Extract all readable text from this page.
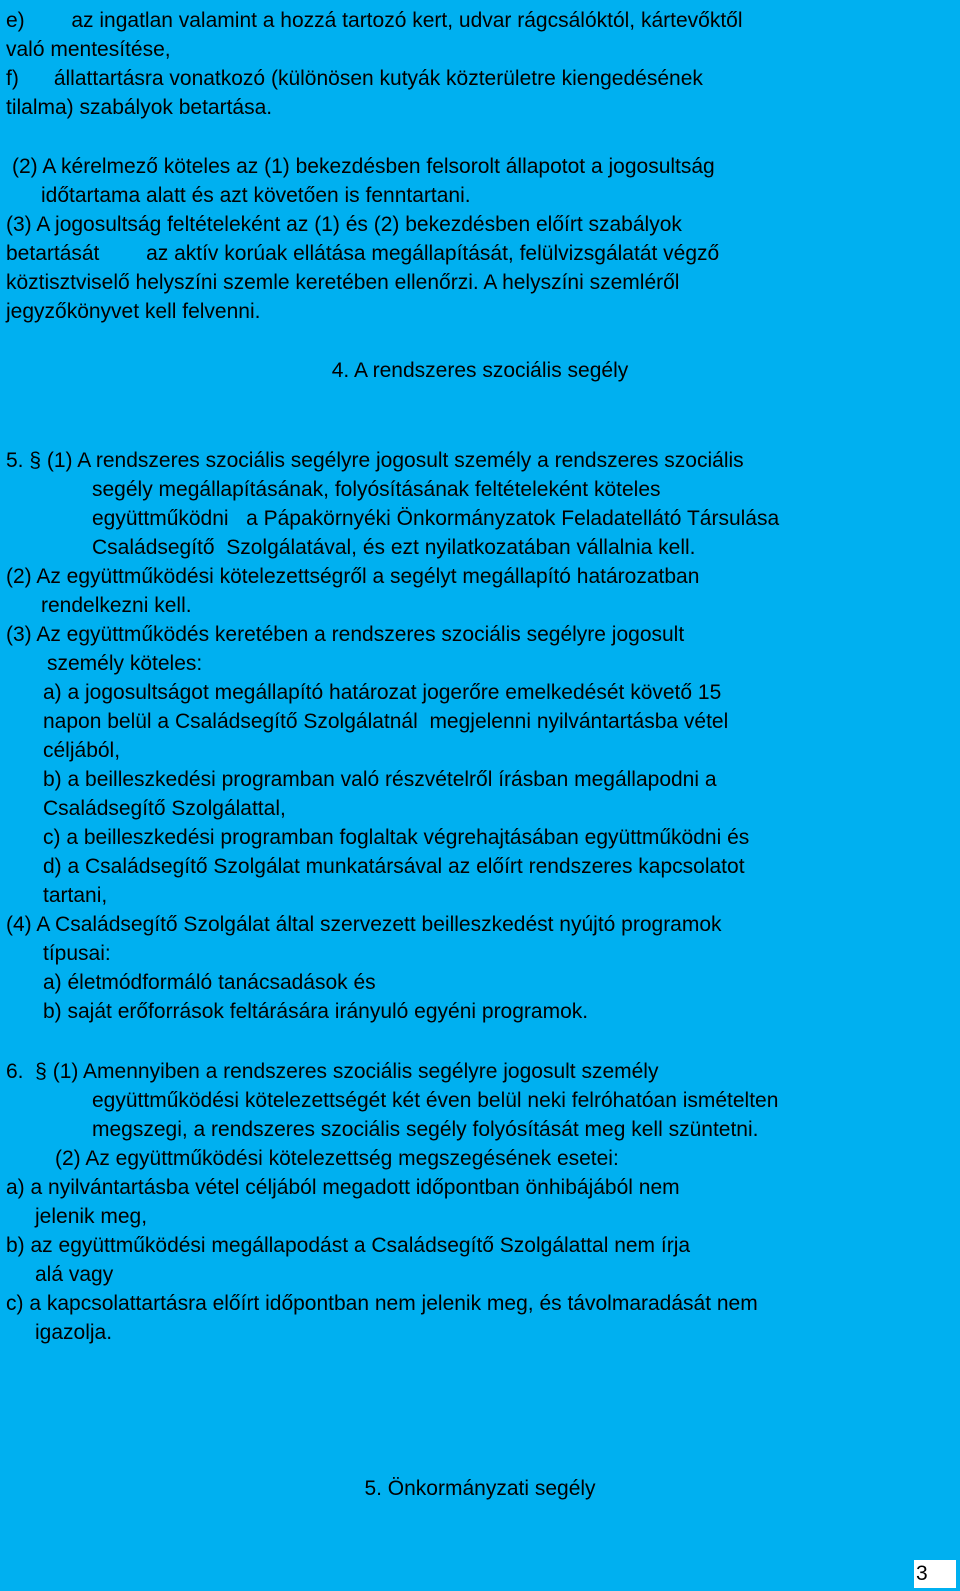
e)        az ingatlan valamint a hozzá tartozó kert, udvar rágcsálóktól, kártevőktől
való mentesítése,
f)      állattartásra vonatkozó (különösen kutyák közterületre kiengedésének
tilalma) szabályok betartása.
(2) A kérelmező köteles az (1) bekezdésben felsorolt állapotot a jogosultság
időtartama alatt és azt követően is fenntartani.
(3) A jogosultság feltételeként az (1) és (2) bekezdésben előírt szabályok
betartását        az aktív korúak ellátása megállapítását, felülvizsgálatát végző
köztisztviselő helyszíni szemle keretében ellenőrzi. A helyszíni szemléről
jegyzőkönyvet kell felvenni.
4. A rendszeres szociális segély
5. § (1) A rendszeres szociális segélyre jogosult személy a rendszeres szociális
segély megállapításának, folyósításának feltételeként köteles
együttműködni   a Pápakörnyéki Önkormányzatok Feladatellátó Társulása
Családsegítő  Szolgálatával, és ezt nyilatkozatában vállalnia kell.
(2) Az együttműködési kötelezettségről a segélyt megállapító határozatban
rendelkezni kell.
(3) Az együttműködés keretében a rendszeres szociális segélyre jogosult
személy köteles:
a) a jogosultságot megállapító határozat jogerőre emelkedését követő 15
napon belül a Családsegítő Szolgálatnál  megjelenni nyilvántartásba vétel
céljából,
b) a beilleszkedési programban való részvételről írásban megállapodni a
Családsegítő Szolgálattal,
c) a beilleszkedési programban foglaltak végrehajtásában együttműködni és
d) a Családsegítő Szolgálat munkatársával az előírt rendszeres kapcsolatot
tartani,
(4) A Családsegítő Szolgálat által szervezett beilleszkedést nyújtó programok
típusai:
a) életmódformáló tanácsadások és
b) saját erőforrások feltárására irányuló egyéni programok.
6.  § (1) Amennyiben a rendszeres szociális segélyre jogosult személy
együttműködési kötelezettségét két éven belül neki felróhatóan ismételten
megszegi, a rendszeres szociális segély folyósítását meg kell szüntetni.
(2) Az együttműködési kötelezettség megszegésének esetei:
a) a nyilvántartásba vétel céljából megadott időpontban önhibájából nem
jelenik meg,
b) az együttműködési megállapodást a Családsegítő Szolgálattal nem írja
alá vagy
c) a kapcsolattartásra előírt időpontban nem jelenik meg, és távolmaradását nem
igazolja.
5. Önkormányzati segély
3
